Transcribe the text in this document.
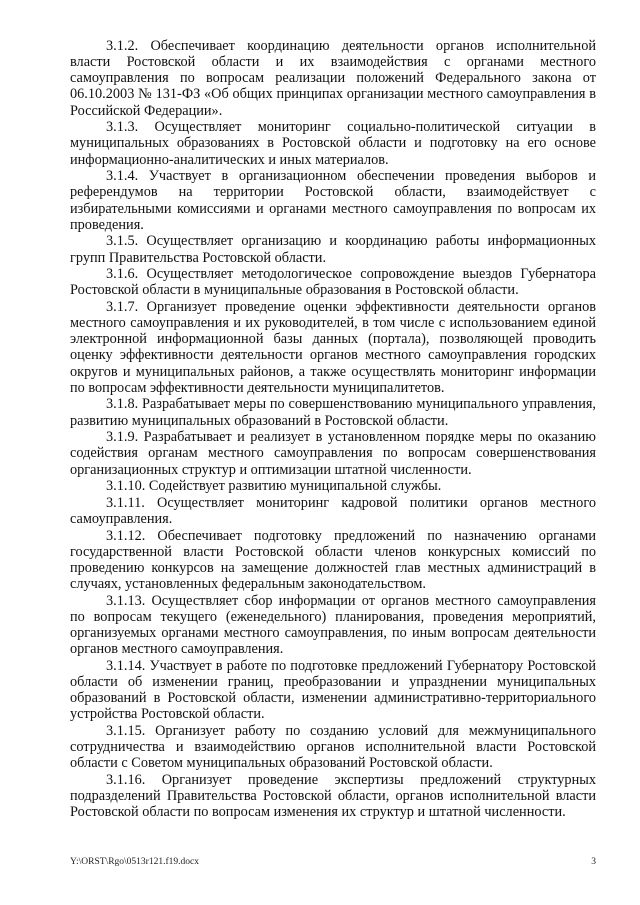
3.1.2. Обеспечивает координацию деятельности органов исполнительной власти Ростовской области и их взаимодействия с органами местного самоуправления по вопросам реализации положений Федерального закона от 06.10.2003 № 131-ФЗ «Об общих принципах организации местного самоуправления в Российской Федерации».

3.1.3. Осуществляет мониторинг социально-политической ситуации в муниципальных образованиях в Ростовской области и подготовку на его основе информационно-аналитических и иных материалов.

3.1.4. Участвует в организационном обеспечении проведения выборов и референдумов на территории Ростовской области, взаимодействует с избирательными комиссиями и органами местного самоуправления по вопросам их проведения.

3.1.5. Осуществляет организацию и координацию работы информационных групп Правительства Ростовской области.

3.1.6. Осуществляет методологическое сопровождение выездов Губернатора Ростовской области в муниципальные образования в Ростовской области.

3.1.7. Организует проведение оценки эффективности деятельности органов местного самоуправления и их руководителей, в том числе с использованием единой электронной информационной базы данных (портала), позволяющей проводить оценку эффективности деятельности органов местного самоуправления городских округов и муниципальных районов, а также осуществлять мониторинг информации по вопросам эффективности деятельности муниципалитетов.

3.1.8. Разрабатывает меры по совершенствованию муниципального управления, развитию муниципальных образований в Ростовской области.

3.1.9. Разрабатывает и реализует в установленном порядке меры по оказанию содействия органам местного самоуправления по вопросам совершенствования организационных структур и оптимизации штатной численности.

3.1.10. Содействует развитию муниципальной службы.

3.1.11. Осуществляет мониторинг кадровой политики органов местного самоуправления.

3.1.12. Обеспечивает подготовку предложений по назначению органами государственной власти Ростовской области членов конкурсных комиссий по проведению конкурсов на замещение должностей глав местных администраций в случаях, установленных федеральным законодательством.

3.1.13. Осуществляет сбор информации от органов местного самоуправления по вопросам текущего (еженедельного) планирования, проведения мероприятий, организуемых органами местного самоуправления, по иным вопросам деятельности органов местного самоуправления.

3.1.14. Участвует в работе по подготовке предложений Губернатору Ростовской области об изменении границ, преобразовании и упразднении муниципальных образований в Ростовской области, изменении административно-территориального устройства Ростовской области.

3.1.15. Организует работу по созданию условий для межмуниципального сотрудничества и взаимодействию органов исполнительной власти Ростовской области с Советом муниципальных образований Ростовской области.

3.1.16. Организует проведение экспертизы предложений структурных подразделений Правительства Ростовской области, органов исполнительной власти Ростовской области по вопросам изменения их структур и штатной численности.

Y:\ORST\Rgo\0513r121.f19.docx	3
